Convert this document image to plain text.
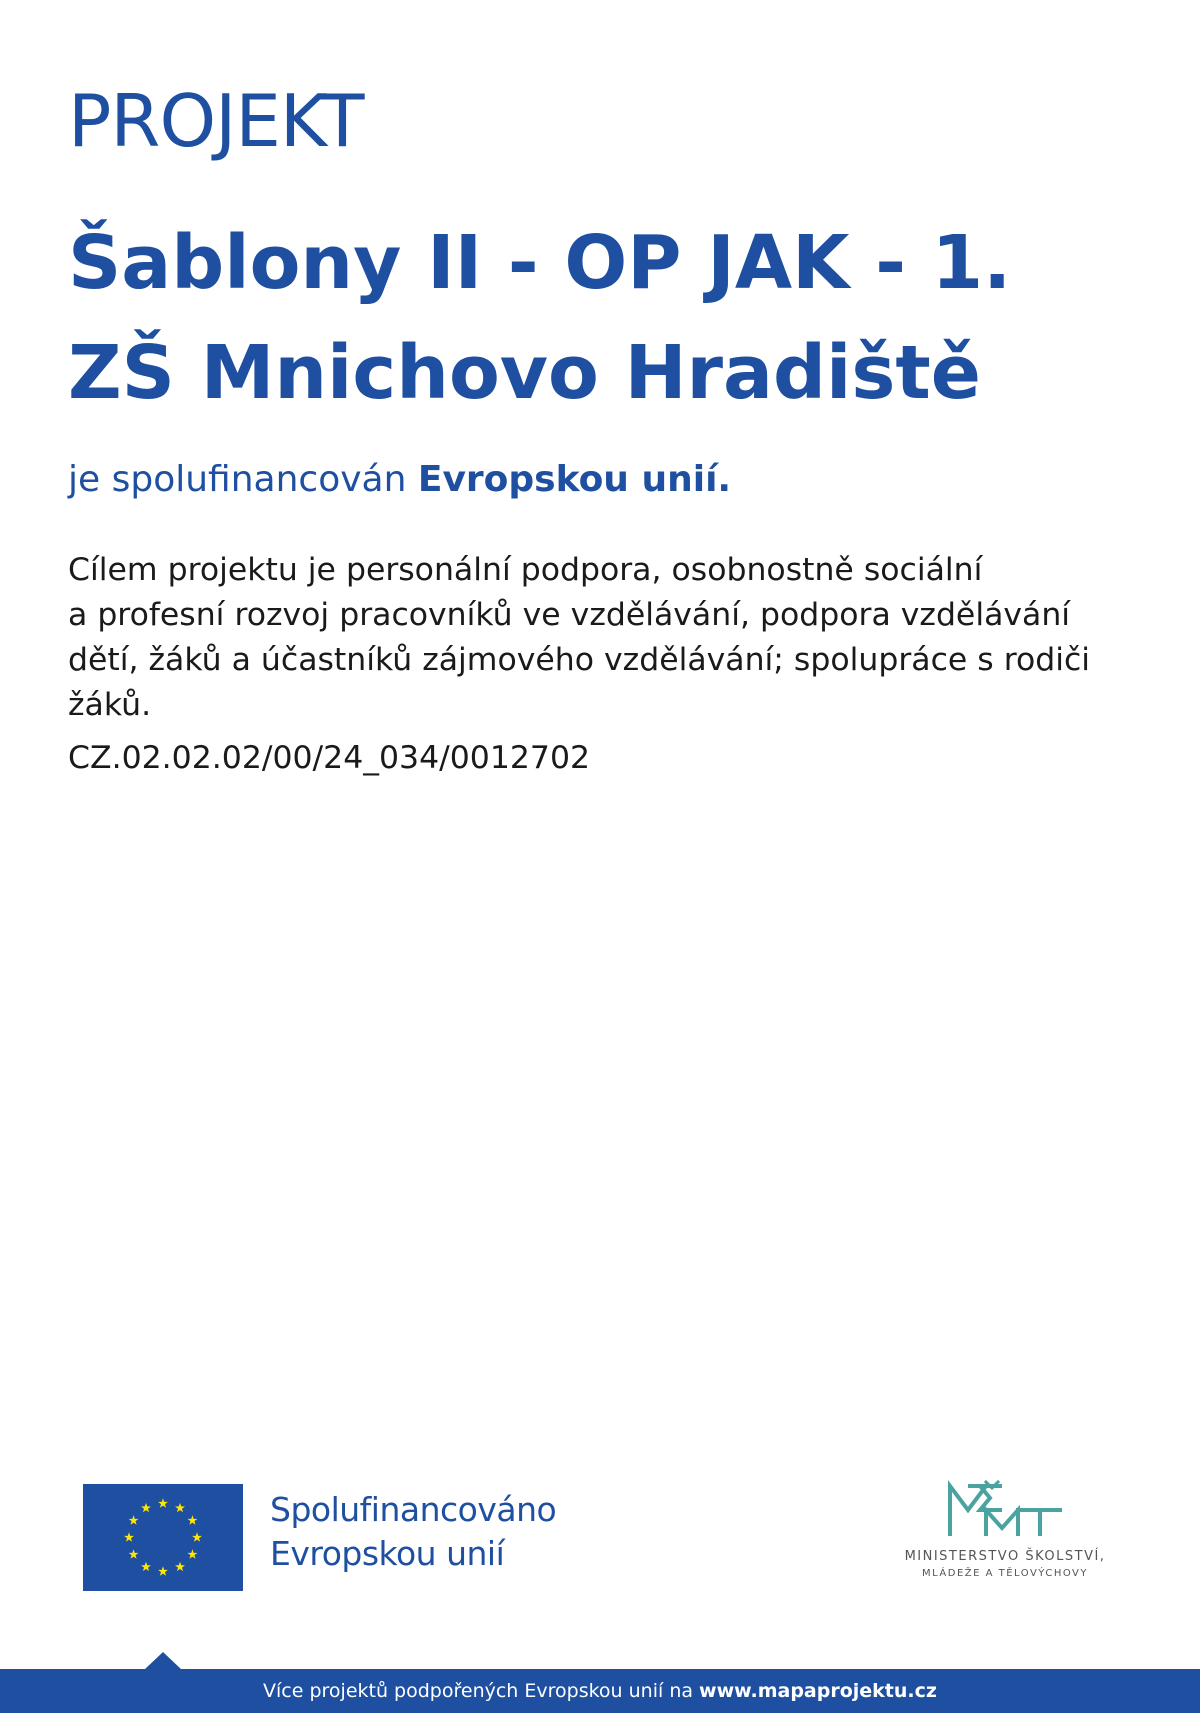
PROJEKT
Šablony II - OP JAK - 1.
ZŠ Mnichovo Hradiště
je spolufinancován Evropskou unií.
Cílem projektu je personální podpora, osobnostně sociální
a profesní rozvoj pracovníků ve vzdělávání, podpora vzdělávání
dětí, žáků a účastníků zájmového vzdělávání; spolupráce s rodiči
žáků.
CZ.02.02.02/00/24_034/0012702
Spolufinancováno
Evropskou unií	MINISTERSTVO ŠKOLSTVÍ,
MLÁDEŽE A TĚLOVÝCHOVY
Více projektů podpořených Evropskou unií na www.mapaprojektu.cz
